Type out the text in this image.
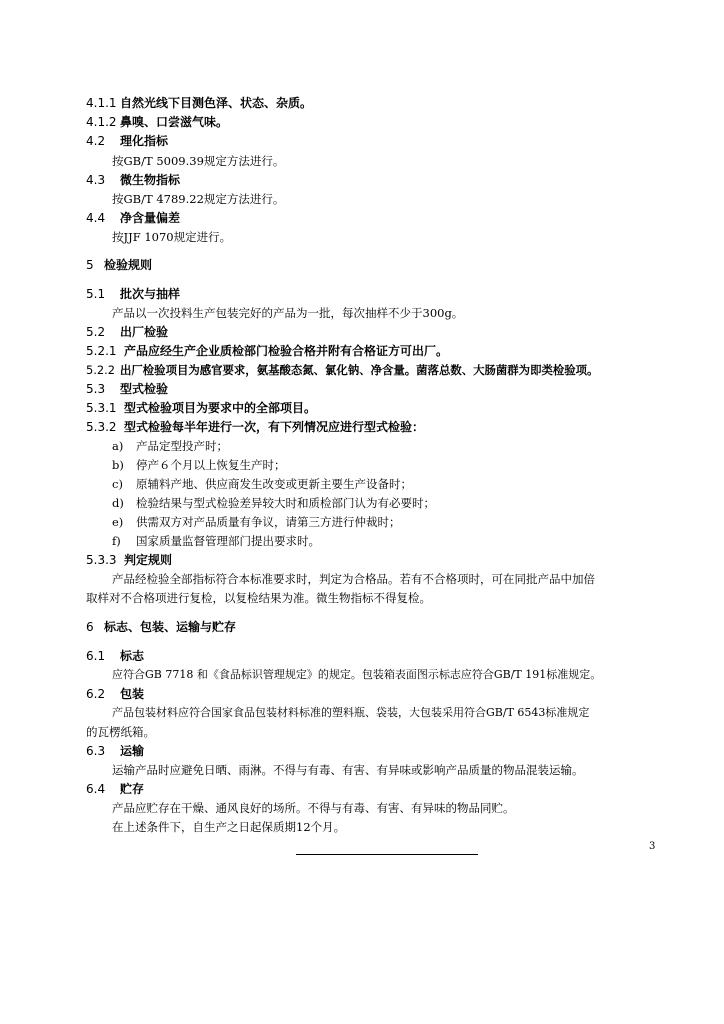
4.1.1 自然光线下目测色泽、状态、杂质。
4.1.2 鼻嗅、口尝滋气味。
4.2 理化指标
按GB/T 5009.39规定方法进行。
4.3 微生物指标
按GB/T 4789.22规定方法进行。
4.4 净含量偏差
按JJF 1070规定进行。
5 检验规则
5.1 批次与抽样
产品以一次投料生产包装完好的产品为一批，每次抽样不少于300g。
5.2 出厂检验
5.2.1 产品应经生产企业质检部门检验合格并附有合格证方可出厂。
5.2.2 出厂检验项目为感官要求，氨基酸态氮、氯化钠、净含量。菌落总数、大肠菌群为即类检验项。
5.3 型式检验
5.3.1 型式检验项目为要求中的全部项目。
5.3.2 型式检验每半年进行一次，有下列情况应进行型式检验：
a) 产品定型投产时；
b) 停产６个月以上恢复生产时；
c) 原辅料产地、供应商发生改变或更新主要生产设备时；
d) 检验结果与型式检验差异较大时和质检部门认为有必要时；
e) 供需双方对产品质量有争议，请第三方进行仲裁时；
f) 国家质量监督管理部门提出要求时。
5.3.3 判定规则
产品经检验全部指标符合本标准要求时，判定为合格品。若有不合格项时，可在同批产品中加倍
取样对不合格项进行复检，以复检结果为准。微生物指标不得复检。
6 标志、包装、运输与贮存
6.1 标志
应符合GB 7718 和《食品标识管理规定》的规定。包装箱表面图示标志应符合GB/T 191标准规定。
6.2 包装
产品包装材料应符合国家食品包装材料标准的塑料瓶、袋装，大包装采用符合GB/T 6543标准规定
的瓦楞纸箱。
6.3 运输
运输产品时应避免日晒、雨淋。不得与有毒、有害、有异味或影响产品质量的物品混装运输。
6.4 贮存
产品应贮存在干燥、通风良好的场所。不得与有毒、有害、有异味的物品同贮。
在上述条件下，自生产之日起保质期12个月。
3
